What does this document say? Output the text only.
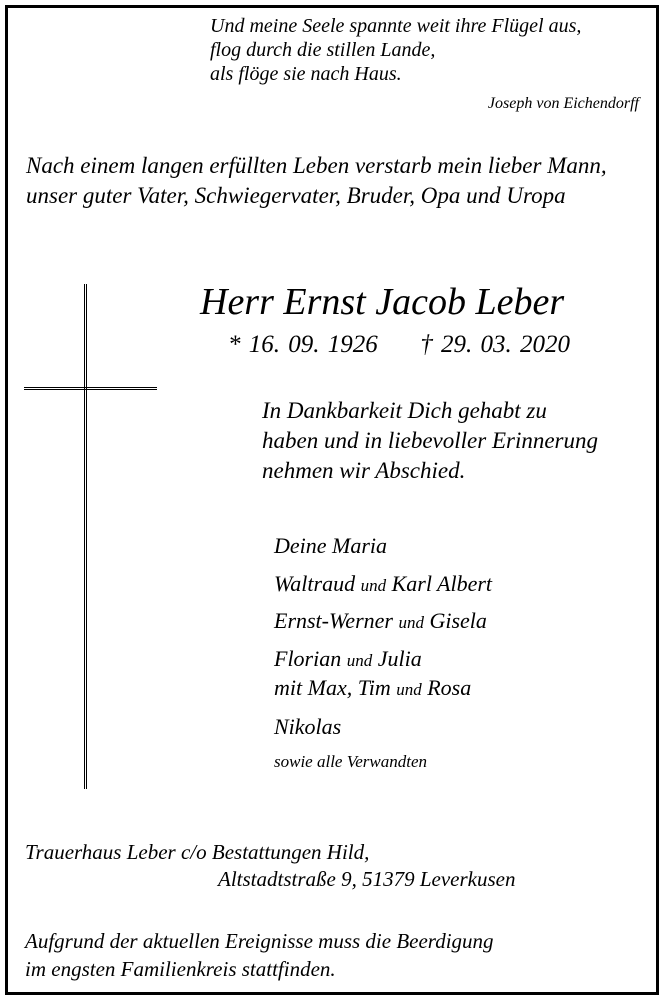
Und meine Seele spannte weit ihre Flügel aus,
flog durch die stillen Lande,
als flöge sie nach Haus.
Joseph von Eichendorff
Nach einem langen erfüllten Leben verstarb mein lieber Mann,
unser guter Vater, Schwiegervater, Bruder, Opa und Uropa
Herr Ernst Jacob Leber
* 16. 09. 1926 † 29. 03. 2020
In Dankbarkeit Dich gehabt zu
haben und in liebevoller Erinnerung
nehmen wir Abschied.
Deine Maria
Waltraud und Karl Albert
Ernst-Werner und Gisela
Florian und Julia
mit Max, Tim und Rosa
Nikolas
sowie alle Verwandten
Trauerhaus Leber c/o Bestattungen Hild,
Altstadtstraße 9, 51379 Leverkusen
Aufgrund der aktuellen Ereignisse muss die Beerdigung
im engsten Familienkreis stattfinden.
